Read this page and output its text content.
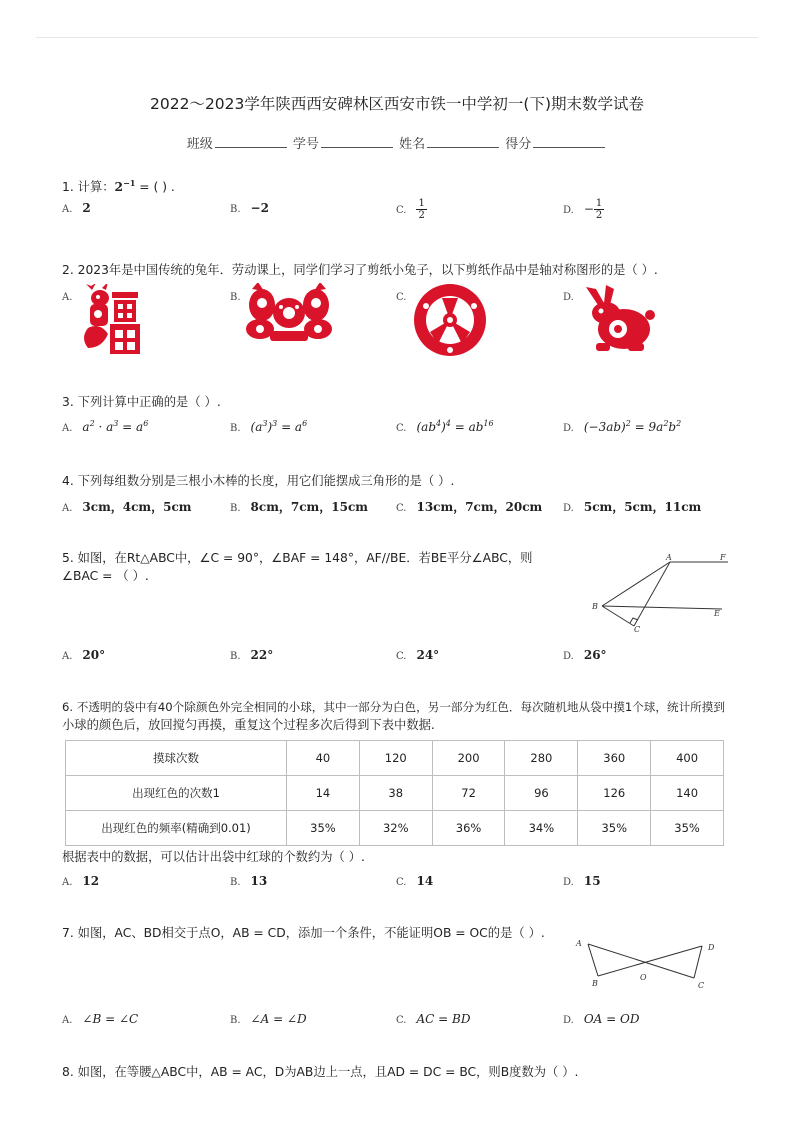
2022～2023学年陕西西安碑林区西安市铁一中学初一(下)期末数学试卷
班级	学号	姓名	得分
1. 计算：$2^{-1}$ = ( ) .
A. 2	B. −2	C. $\frac{1}{2}$	D. − $\frac{1}{2}$
2. 2023年是中国传统的兔年．劳动课上，同学们学习了剪纸小兔子，以下剪纸作品中是轴对称图形的是（ ）.
A.	B.	C.	D.
3. 下列计算中正确的是（ ）.
A. $a^2 \cdot a^3 = a^6$	B. $(a^3)^3 = a^6$	C. $(ab^4)^4 = ab^{16}$	D. $(-3ab)^2 = 9a^2b^2$
4. 下列每组数分别是三根小木棒的长度，用它们能摆成三角形的是（ ）.
A. 3cm，4cm，5cm	B. 8cm，7cm，15cm	C. 13cm，7cm，20cm D. 5cm，5cm，11cm
5. 如图，在Rt△ABC中，∠C = 90°，∠BAF = 148°，AF//BE．若BE平分∠ABC，则
∠BAC = （ ）.
A	F
B
E
C
A. 20°	B. 22°	C. 24°	D. 26°
6. 不透明的袋中有40个除颜色外完全相同的小球，其中一部分为白色，另一部分为红色．每次随机地从袋中摸1个球，统计所摸到
小球的颜色后，放回搅匀再摸，重复这个过程多次后得到下表中数据.
摸球次数	40	120	200	280	360	400
出现红色的次数1	14	38	72	96	126	140
出现红色的频率(精确到0.01)	35%	32%	36%	34%	35%	35%
根据表中的数据，可以估计出袋中红球的个数约为（ ）.
A. 12	B. 13	C. 14	D. 15
7. 如图，AC、BD相交于点O，AB = CD，添加一个条件，不能证明OB = OC的是（ ）.
A	D
O
B	C
A. ∠B = ∠C	B. ∠A = ∠D	C. AC = BD	D. OA = OD
8. 如图，在等腰△ABC中，AB = AC，D为AB边上一点，且AD = DC = BC，则B度数为（ ）.
